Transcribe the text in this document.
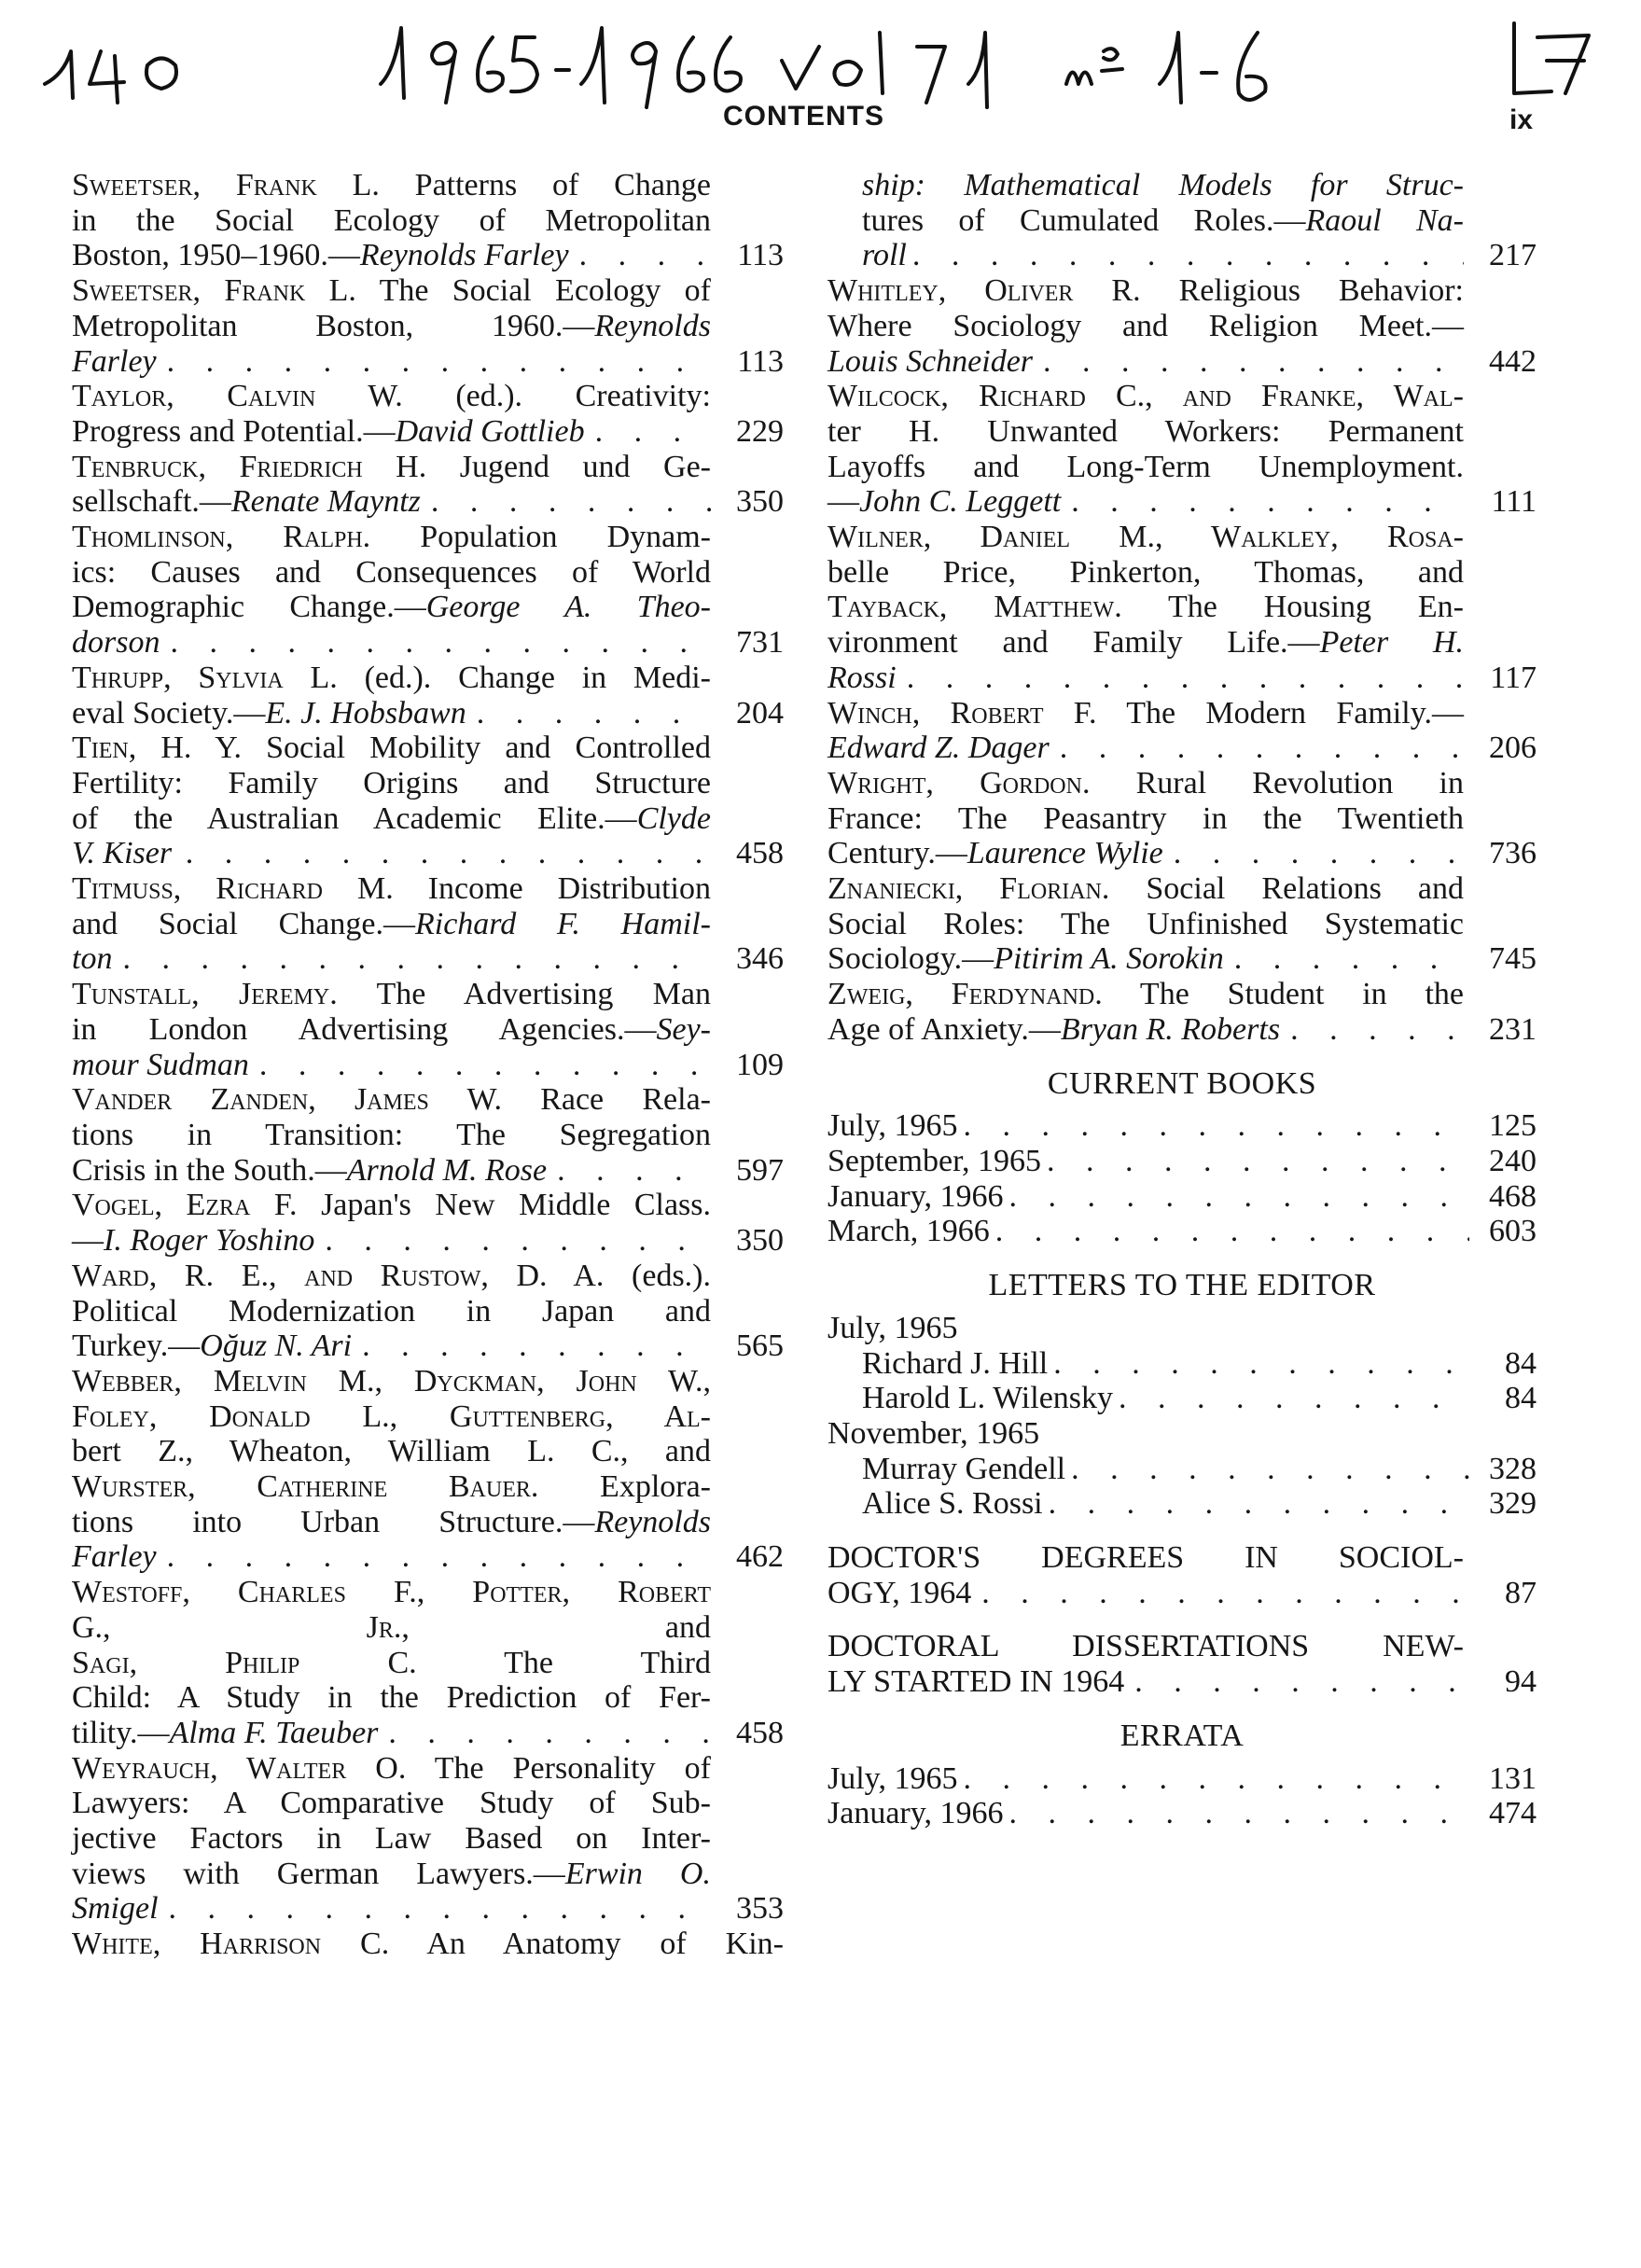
CONTENTS	ix
Sweetser, Frank L. Patterns of Change
in the Social Ecology of Metropolitan
Boston, 1950–1960.—Reynolds Farley . . .	113
Sweetser, Frank L. The Social Ecology of
Metropolitan Boston, 1960.—Reynolds
Farley . . .	113
Taylor, Calvin W. (ed.). Creativity:
Progress and Potential.—David Gottlieb . . .	229
Tenbruck, Friedrich H. Jugend und Ge-
sellschaft.—Renate Mayntz . . .	350
Thomlinson, Ralph. Population Dynam-
ics: Causes and Consequences of World
Demographic Change.—George A. Theo-
dorson . . .	731
Thrupp, Sylvia L. (ed.). Change in Medi-
eval Society.—E. J. Hobsbawn . . .	204
Tien, H. Y. Social Mobility and Controlled
Fertility: Family Origins and Structure
of the Australian Academic Elite.—Clyde
V. Kiser . . .	458
Titmuss, Richard M. Income Distribution
and Social Change.—Richard F. Hamil-
ton . . .	346
Tunstall, Jeremy. The Advertising Man
in London Advertising Agencies.—Sey-
mour Sudman . . .	109
Vander Zanden, James W. Race Rela-
tions in Transition: The Segregation
Crisis in the South.—Arnold M. Rose . . .	597
Vogel, Ezra F. Japan's New Middle Class.
—I. Roger Yoshino . . .	350
Ward, R. E., and Rustow, D. A. (eds.).
Political Modernization in Japan and
Turkey.—Oğuz N. Ari . . .	565
Webber, Melvin M., Dyckman, John W.,
Foley, Donald L., Guttenberg, Al-
bert Z., Wheaton, William L. C., and
Wurster, Catherine Bauer. Explora-
tions into Urban Structure.—Reynolds
Farley . . .	462
Westoff, Charles F., Potter, Robert
G., Jr., and
Sagi, Philip C. The Third
Child: A Study in the Prediction of Fer-
tility.—Alma F. Taeuber . . .	458
Weyrauch, Walter O. The Personality of
Lawyers: A Comparative Study of Sub-
jective Factors in Law Based on Inter-
views with German Lawyers.—Erwin O.
Smigel . . .	353
White, Harrison C. An Anatomy of Kin-
ship: Mathematical Models for Struc-
tures of Cumulated Roles.—Raoul Na-
roll . . .	217
Whitley, Oliver R. Religious Behavior:
Where Sociology and Religion Meet.—
Louis Schneider . . .	442
Wilcock, Richard C., and Franke, Wal-
ter H. Unwanted Workers: Permanent
Layoffs and Long-Term Unemployment.
—John C. Leggett . . .	111
Wilner, Daniel M., Walkley, Rosa-
belle Price, Pinkerton, Thomas, and
Tayback, Matthew. The Housing En-
vironment and Family Life.—Peter H.
Rossi . . .	117
Winch, Robert F. The Modern Family.—
Edward Z. Dager . . .	206
Wright, Gordon. Rural Revolution in
France: The Peasantry in the Twentieth
Century.—Laurence Wylie . . .	736
Znaniecki, Florian. Social Relations and
Social Roles: The Unfinished Systematic
Sociology.—Pitirim A. Sorokin . . .	745
Zweig, Ferdynand. The Student in the
Age of Anxiety.—Bryan R. Roberts . . .	231
CURRENT BOOKS
July, 1965 . . .	125
September, 1965 . . .	240
January, 1966 . . .	468
March, 1966 . . .	603
LETTERS TO THE EDITOR
July, 1965
Richard J. Hill . . .	84
Harold L. Wilensky . . .	84
November, 1965
Murray Gendell . . .	328
Alice S. Rossi . . .	329
DOCTOR'S DEGREES IN SOCIOL-
OGY, 1964 . . .	87
DOCTORAL DISSERTATIONS NEW-
LY STARTED IN 1964 . . .	94
ERRATA
July, 1965 . . .	131
January, 1966 . . .	474
